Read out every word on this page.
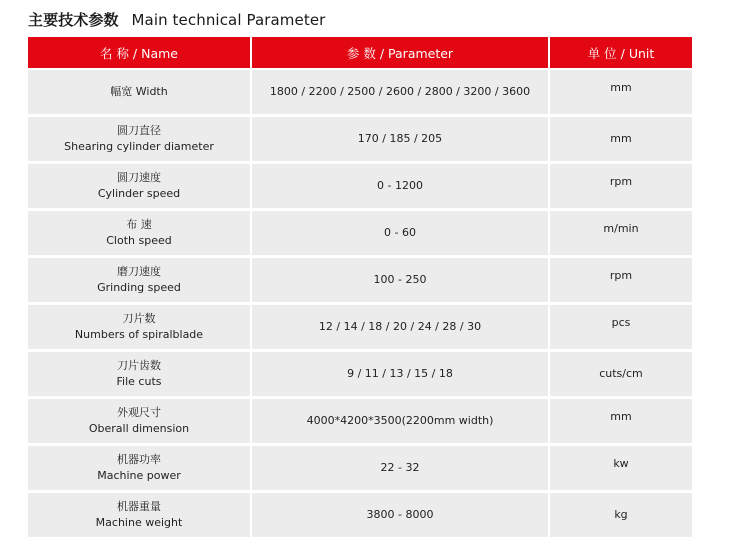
主要技术参数 Main technical Parameter
名 称 / Name	参 数 / Parameter	单 位 / Unit

幅宽 Width	1800 / 2200 / 2500 / 2600 / 2800 / 3200 / 3600	mm

圆刀直径
Shearing cylinder diameter	170 / 185 / 205	mm

圆刀速度
Cylinder speed	0 - 1200	rpm

布 速
Cloth speed	0 - 60	m/min

磨刀速度
Grinding speed	100 - 250	rpm

刀片数
Numbers of spiralblade	12 / 14 / 18 / 20 / 24 / 28 / 30	pcs

刀片齿数
File cuts	9 / 11 / 13 / 15 / 18	cuts/cm

外观尺寸
Oberall dimension	4000*4200*3500(2200mm width)	mm

机器功率
Machine power	22 - 32	kw

机器重量
Machine weight	3800 - 8000	kg
